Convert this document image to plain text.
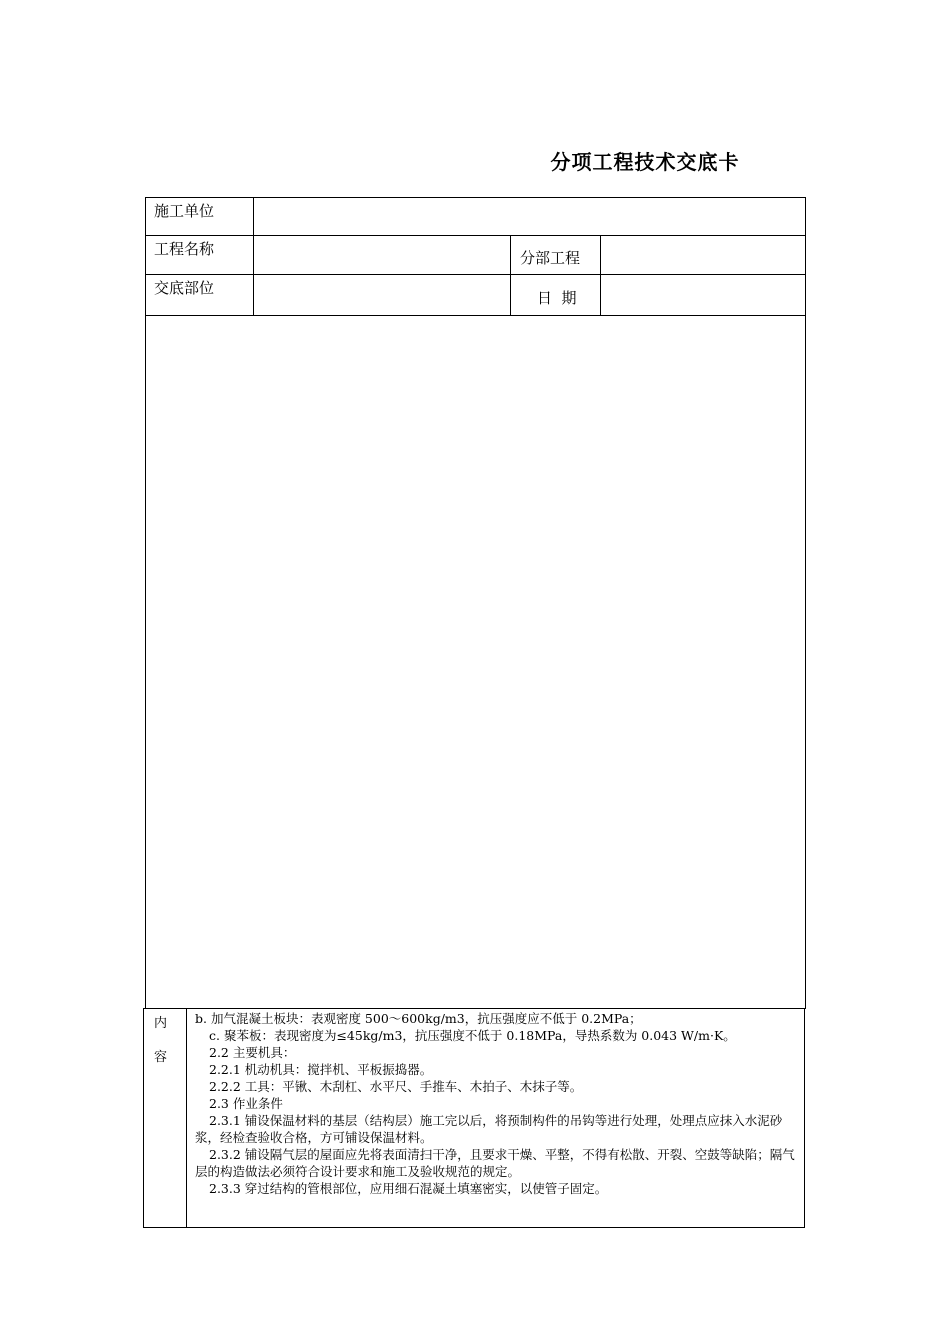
分项工程技术交底卡
施工单位
工程名称	分部工程
交底部位
日  期
内
容

b. 加气混凝土板块：表观密度 500～600kg/m3，抗压强度应不低于 0.2MPa；

c. 聚苯板：表现密度为≤45kg/m3，抗压强度不低于 0.18MPa，导热系数为 0.043 W/m·K。

2.2 主要机具：

2.2.1 机动机具：搅拌机、平板振捣器。

2.2.2 工具：平锹、木刮杠、水平尺、手推车、木拍子、木抹子等。

2.3 作业条件

2.3.1 铺设保温材料的基层（结构层）施工完以后，将预制构件的吊钩等进行处理，处理点应抹入水泥砂浆，经检查验收合格，方可铺设保温材料。

2.3.2 铺设隔气层的屋面应先将表面清扫干净，且要求干燥、平整，不得有松散、开裂、空鼓等缺陷；隔气层的构造做法必须符合设计要求和施工及验收规范的规定。

2.3.3 穿过结构的管根部位，应用细石混凝土填塞密实，以使管子固定。
